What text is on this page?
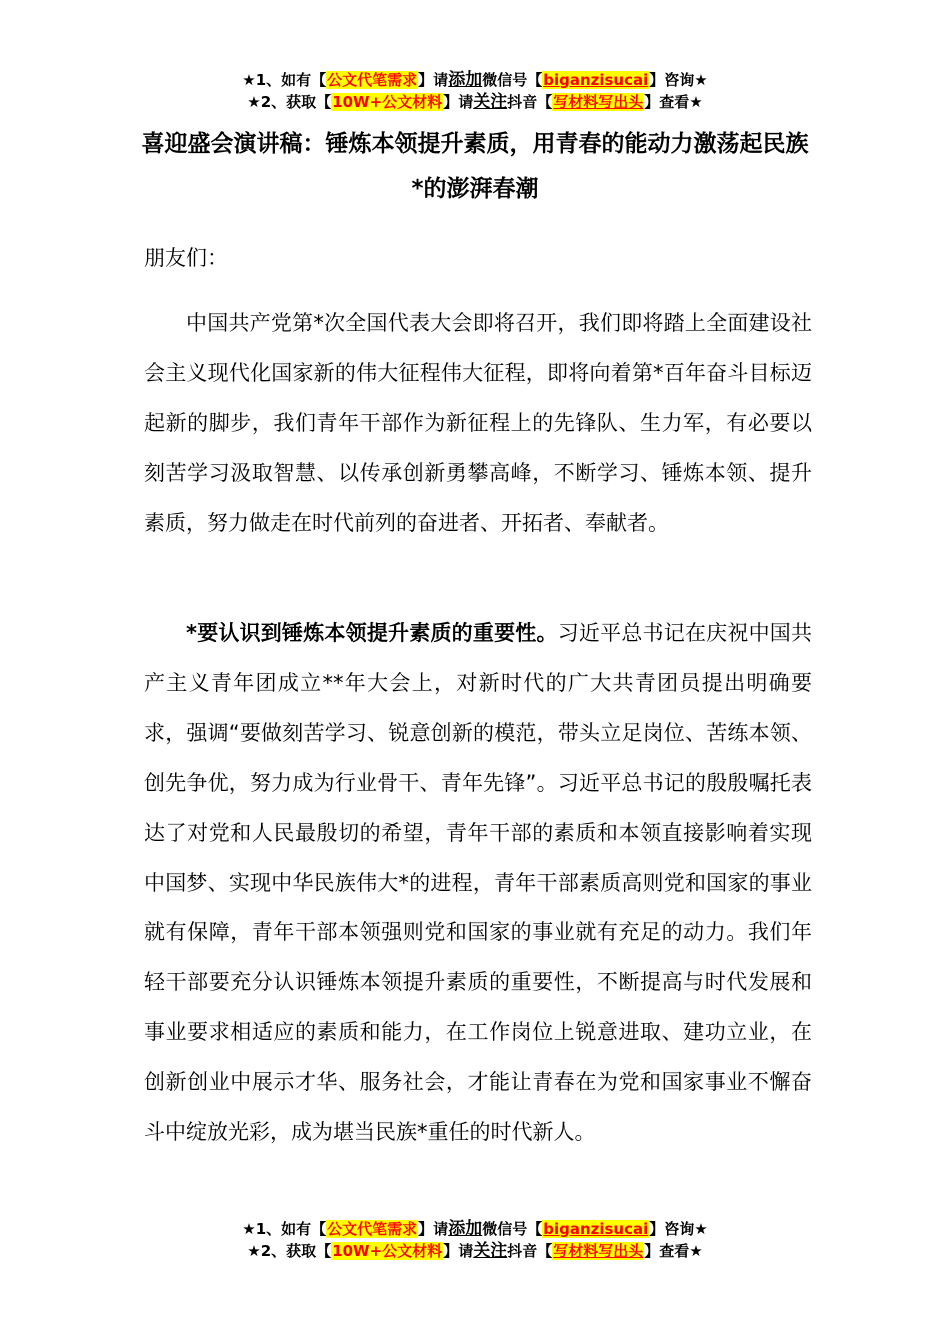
★1、如有【公文代笔需求】请添加微信号【biganzisucai】咨询★
★2、获取【10W+公文材料】请关注抖音【写材料写出头】查看★
喜迎盛会演讲稿：锤炼本领提升素质，用青春的能动力激荡起民族*的澎湃春潮
朋友们：
中国共产党第*次全国代表大会即将召开，我们即将踏上全面建设社会主义现代化国家新的伟大征程伟大征程，即将向着第*百年奋斗目标迈起新的脚步，我们青年干部作为新征程上的先锋队、生力军，有必要以刻苦学习汲取智慧、以传承创新勇攀高峰，不断学习、锤炼本领、提升素质，努力做走在时代前列的奋进者、开拓者、奉献者。
*要认识到锤炼本领提升素质的重要性。习近平总书记在庆祝中国共产主义青年团成立**年大会上，对新时代的广大共青团员提出明确要求，强调“要做刻苦学习、锐意创新的模范，带头立足岗位、苦练本领、创先争优，努力成为行业骨干、青年先锋”。习近平总书记的殷殷嘱托表达了对党和人民最殷切的希望，青年干部的素质和本领直接影响着实现中国梦、实现中华民族伟大*的进程，青年干部素质高则党和国家的事业就有保障，青年干部本领强则党和国家的事业就有充足的动力。我们年轻干部要充分认识锤炼本领提升素质的重要性，不断提高与时代发展和事业要求相适应的素质和能力，在工作岗位上锐意进取、建功立业，在创新创业中展示才华、服务社会，才能让青春在为党和国家事业不懈奋斗中绽放光彩，成为堪当民族*重任的时代新人。
★1、如有【公文代笔需求】请添加微信号【biganzisucai】咨询★
★2、获取【10W+公文材料】请关注抖音【写材料写出头】查看★
